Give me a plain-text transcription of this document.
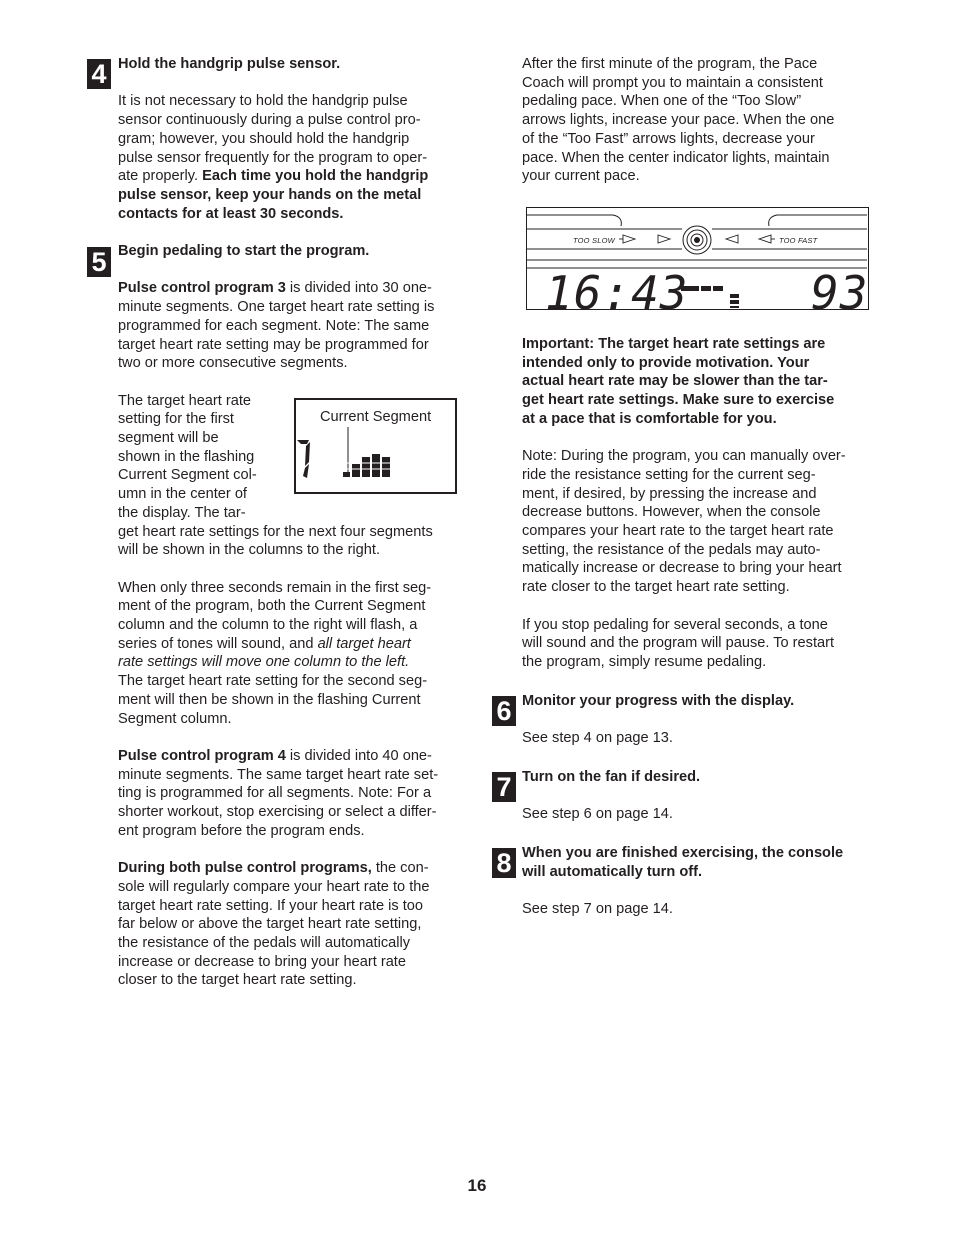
4 Hold the handgrip pulse sensor.

It is not necessary to hold the handgrip pulse

sensor continuously during a pulse control pro-

gram; however, you should hold the handgrip

pulse sensor frequently for the program to oper-

ate properly. Each time you hold the handgrip

pulse sensor, keep your hands on the metal

contacts for at least 30 seconds.

5 Begin pedaling to start the program.

Pulse control program 3 is divided into 30 one-

minute segments. One target heart rate setting is

programmed for each segment. Note: The same

target heart rate setting may be programmed for

two or more consecutive segments.

The target heart rate

setting for the first

segment will be

shown in the flashing

Current Segment col-

umn in the center of

the display. The tar-

get heart rate settings for the next four segments

will be shown in the columns to the right.

When only three seconds remain in the first seg-

ment of the program, both the Current Segment

column and the column to the right will flash, a

series of tones will sound, and all target heart

rate settings will move one column to the left.

The target heart rate setting for the second seg-

ment will then be shown in the flashing Current

Segment column.

Pulse control program 4 is divided into 40 one-

minute segments. The same target heart rate set-

ting is programmed for all segments. Note: For a

shorter workout, stop exercising or select a differ-

ent program before the program ends.

During both pulse control programs, the con-

sole will regularly compare your heart rate to the

target heart rate setting. If your heart rate is too

far below or above the target heart rate setting,

the resistance of the pedals will automatically

increase or decrease to bring your heart rate

closer to the target heart rate setting.

Current Segment

After the first minute of the program, the Pace

Coach will prompt you to maintain a consistent

pedaling pace. When one of the “Too Slow”

arrows lights, increase your pace. When the one

of the “Too Fast” arrows lights, decrease your

pace. When the center indicator lights, maintain

your current pace.

TOO SLOW	TOO FAST
16:43	93

Important: The target heart rate settings are

intended only to provide motivation. Your

actual heart rate may be slower than the tar-

get heart rate settings. Make sure to exercise

at a pace that is comfortable for you.

Note: During the program, you can manually over-

ride the resistance setting for the current seg-

ment, if desired, by pressing the increase and

decrease buttons. However, when the console

compares your heart rate to the target heart rate

setting, the resistance of the pedals may auto-

matically increase or decrease to bring your heart

rate closer to the target heart rate setting.

If you stop pedaling for several seconds, a tone

will sound and the program will pause. To restart

the program, simply resume pedaling.

6 Monitor your progress with the display.

See step 4 on page 13.

7 Turn on the fan if desired.

See step 6 on page 14.

8 When you are finished exercising, the console

will automatically turn off.

See step 7 on page 14.

16
